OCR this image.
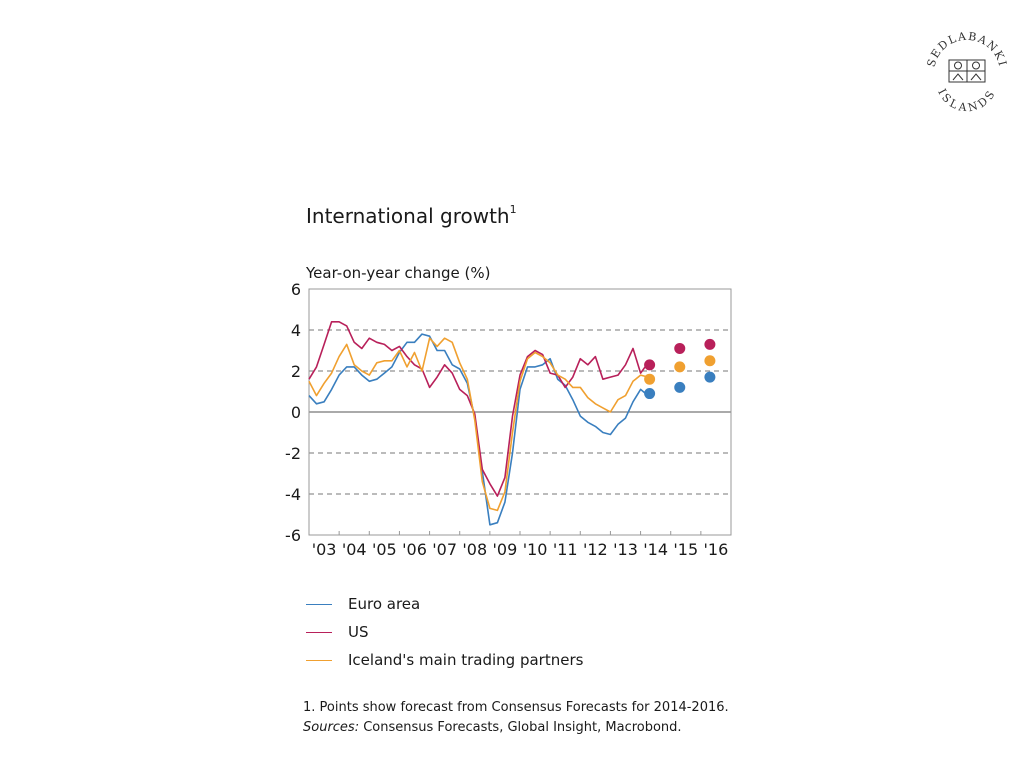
SEDLABANKI
ISLANDS
International growth$^1$
Year-on-year change (%)
6
4
2
0
-2
-4
-6
'03 '04 '05 '06 '07 '08 '09 '10 '11 '12 '13 '14 '15 '16
Euro area
US
Iceland's main trading partners
1. Points show forecast from Consensus Forecasts for 2014-2016.
Sources: Consensus Forecasts, Global Insight, Macrobond.
